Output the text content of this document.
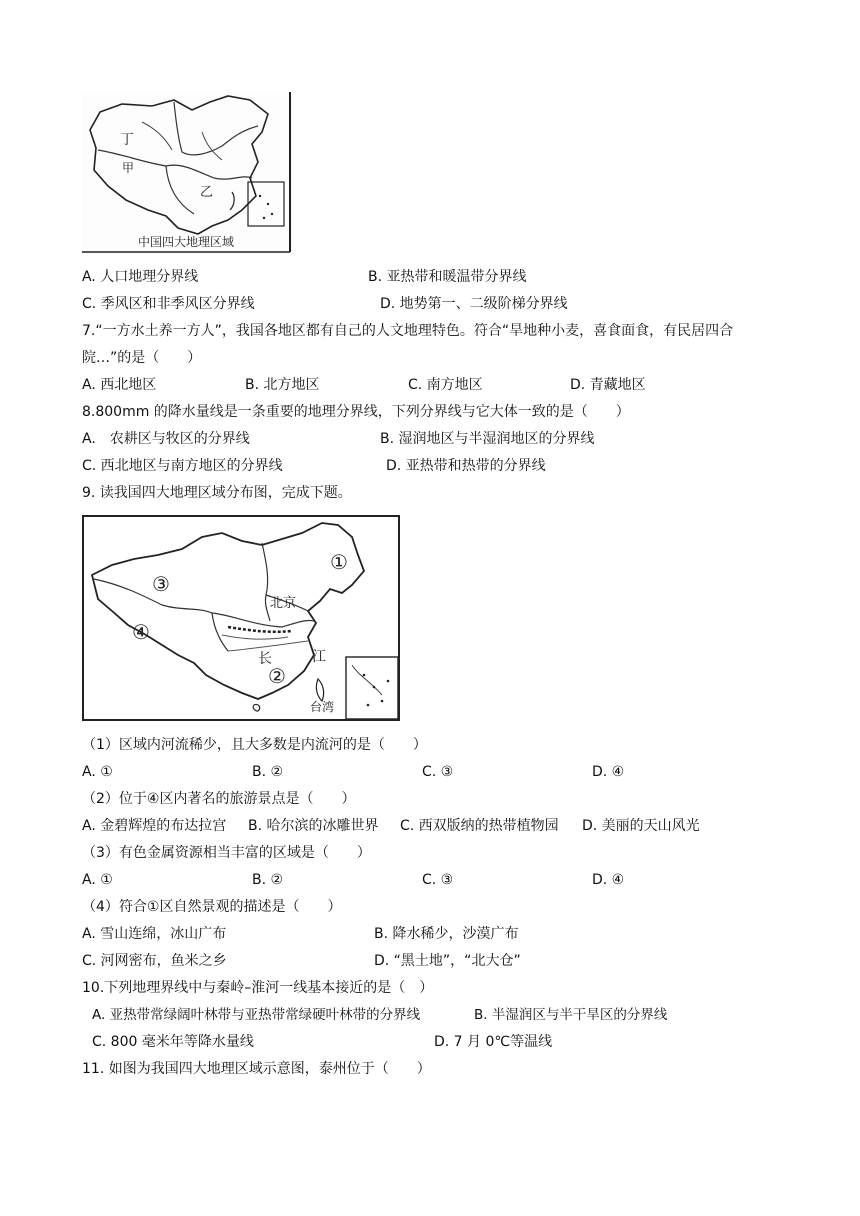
丁
甲
乙
中国四大地理区域
A. 人口地理分界线	B. 亚热带和暖温带分界线
C. 季风区和非季风区分界线	D. 地势第一、二级阶梯分界线
7.“一方水土养一方人”，我国各地区都有自己的人文地理特色。符合“旱地种小麦，喜食面食，有民居四合
院…”的是（　　）
A. 西北地区	B. 北方地区	C. 南方地区	D. 青藏地区
8.800mm 的降水量线是一条重要的地理分界线，下列分界线与它大体一致的是（　　）
A.　农耕区与牧区的分界线	B. 湿润地区与半湿润地区的分界线
C. 西北地区与南方地区的分界线	D. 亚热带和热带的分界线
9. 读我国四大地理区域分布图，完成下题。
①
②
③
④
北京
长	江
台湾
（1）区域内河流稀少，且大多数是内流河的是（　　）
A. ①	B. ②	C. ③	D. ④
（2）位于④区内著名的旅游景点是（　　）
A. 金碧辉煌的布达拉宫 B. 哈尔滨的冰雕世界 C. 西双版纳的热带植物园 D. 美丽的天山风光
（3）有色金属资源相当丰富的区域是（　　）
A. ①	B. ②	C. ③	D. ④
（4）符合①区自然景观的描述是（　　）
A. 雪山连绵，冰山广布	B. 降水稀少，沙漠广布
C. 河网密布，鱼米之乡	D. “黑土地”，“北大仓”
10.下列地理界线中与秦岭–淮河一线基本接近的是（　）
A. 亚热带常绿阔叶林带与亚热带常绿硬叶林带的分界线	B. 半湿润区与半干旱区的分界线
C. 800 毫米年等降水量线	D. 7 月 0℃等温线
11. 如图为我国四大地理区域示意图，泰州位于（　　）
